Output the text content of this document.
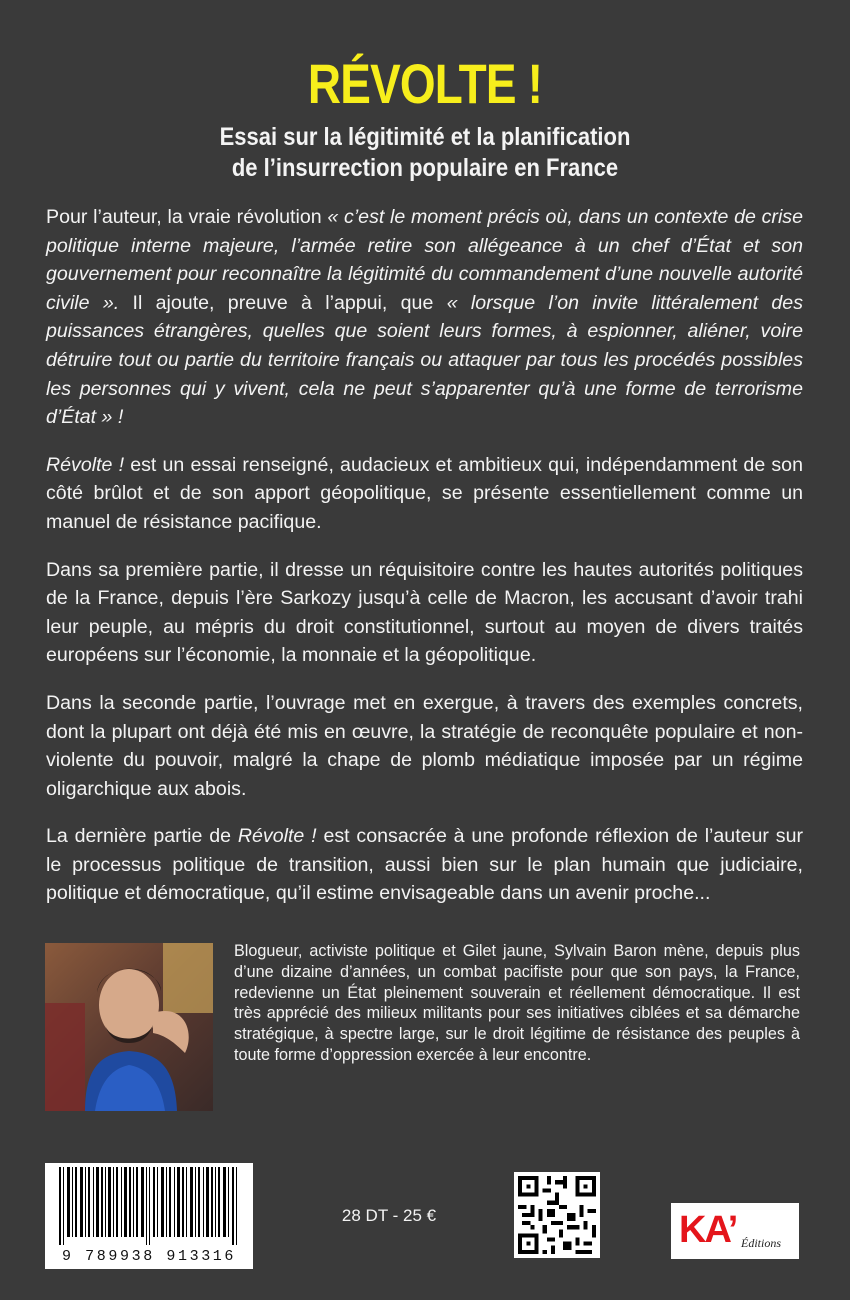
RÉVOLTE !
Essai sur la légitimité et la planification
de l’insurrection populaire en France

Pour l’auteur, la vraie révolution « c’est le moment précis où, dans un contexte de crise politique interne majeure, l’armée retire son allégeance à un chef d’État et son gouvernement pour reconnaître la légitimité du commandement d’une nouvelle autorité civile ». Il ajoute, preuve à l’appui, que « lorsque l’on invite littéralement des puissances étrangères, quelles que soient leurs formes, à espionner, aliéner, voire détruire tout ou partie du territoire français ou attaquer par tous les procédés possibles les personnes qui y vivent, cela ne peut s’apparenter qu’à une forme de terrorisme d’État » !

Révolte ! est un essai renseigné, audacieux et ambitieux qui, indépendamment de son côté brûlot et de son apport géopolitique, se présente essentiellement comme un manuel de résistance pacifique.

Dans sa première partie, il dresse un réquisitoire contre les hautes autorités politiques de la France, depuis l’ère Sarkozy jusqu’à celle de Macron, les accusant d’avoir trahi leur peuple, au mépris du droit constitutionnel, surtout au moyen de divers traités européens sur l’économie, la monnaie et la géopolitique.

Dans la seconde partie, l’ouvrage met en exergue, à travers des exemples concrets, dont la plupart ont déjà été mis en œuvre, la stratégie de reconquête populaire et non-violente du pouvoir, malgré la chape de plomb médiatique imposée par un régime oligarchique aux abois.

La dernière partie de Révolte ! est consacrée à une profonde réflexion de l’auteur sur le processus politique de transition, aussi bien sur le plan humain que judiciaire, politique et démocratique, qu’il estime envisageable dans un avenir proche...

Blogueur, activiste politique et Gilet jaune, Sylvain Baron mène, depuis plus d’une dizaine d’années, un combat pacifiste pour que son pays, la France, redevienne un État pleinement souverain et réellement démocratique. Il est très apprécié des milieux militants pour ses initiatives ciblées et sa démarche stratégique, à spectre large, sur le droit légitime de résistance des peuples à toute forme d’oppression exercée à leur encontre.
9 789938 913316
28 DT - 25 €	KA’ Éditions
